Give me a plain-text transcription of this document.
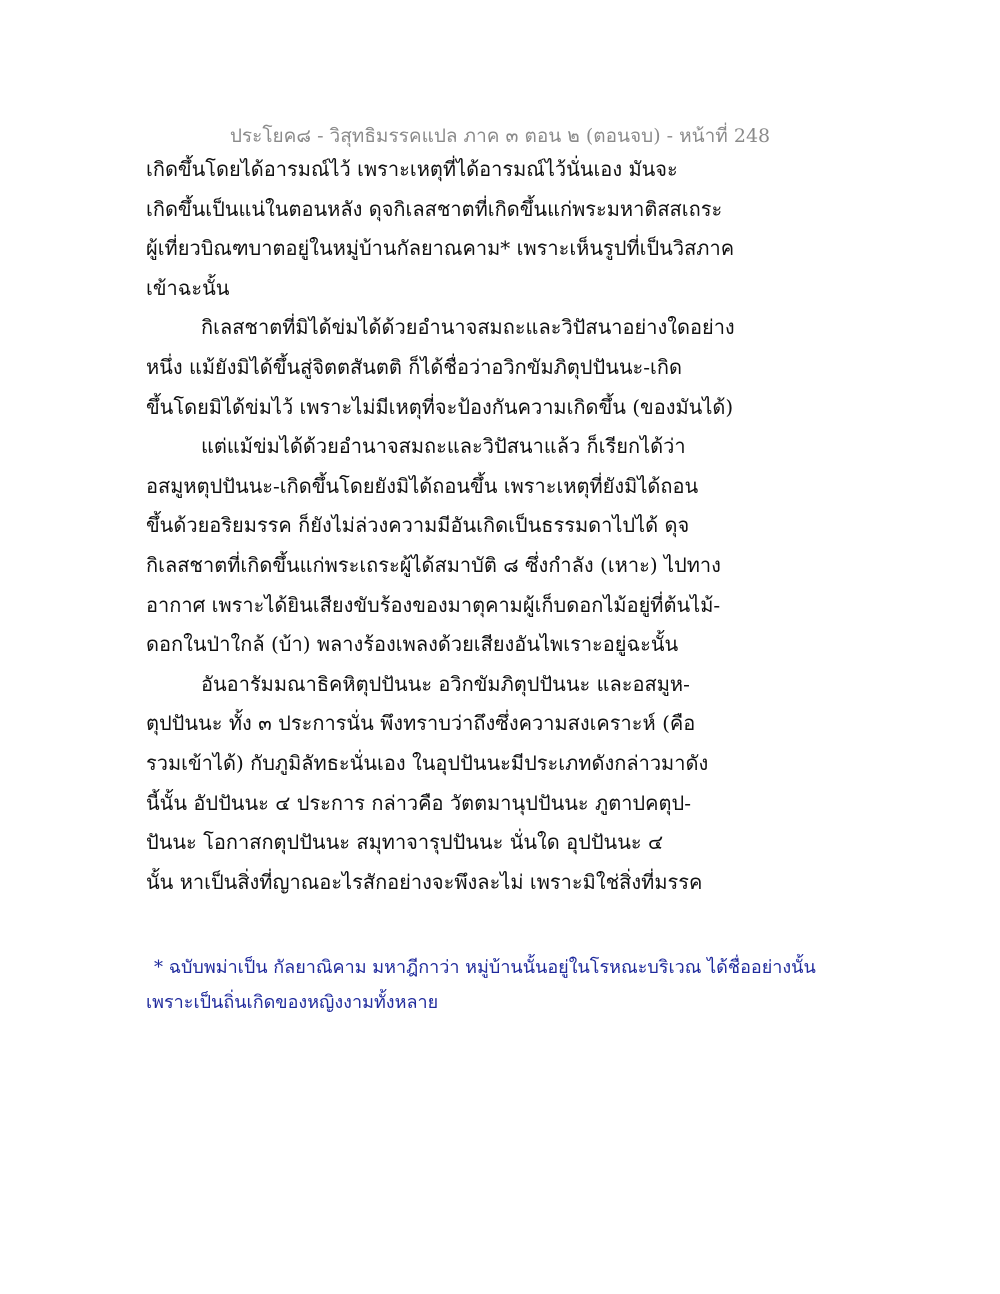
ประโยค๘ - วิสุทธิมรรคแปล ภาค ๓ ตอน ๒ (ตอนจบ) - หน้าที่ 248
เกิดขึ้นโดยได้อารมณ์ไว้ เพราะเหตุที่ได้อารมณ์ไว้นั่นเอง มันจะ
เกิดขึ้นเป็นแน่ในตอนหลัง ดุจกิเลสชาตที่เกิดขึ้นแก่พระมหาติสสเถระ
ผู้เที่ยวบิณฑบาตอยู่ในหมู่บ้านกัลยาณคาม* เพราะเห็นรูปที่เป็นวิสภาค
เข้าฉะนั้น
กิเลสชาตที่มิได้ข่มได้ด้วยอำนาจสมถะและวิปัสนาอย่างใดอย่าง
หนึ่ง แม้ยังมิได้ขึ้นสู่จิตตสันตติ ก็ได้ชื่อว่าอวิกขัมภิตุปปันนะ-เกิด
ขึ้นโดยมิได้ข่มไว้ เพราะไม่มีเหตุที่จะป้องกันความเกิดขึ้น (ของมันได้)
แต่แม้ข่มได้ด้วยอำนาจสมถะและวิปัสนาแล้ว ก็เรียกได้ว่า
อสมูหตุปปันนะ-เกิดขึ้นโดยยังมิได้ถอนขึ้น เพราะเหตุที่ยังมิได้ถอน
ขึ้นด้วยอริยมรรค ก็ยังไม่ล่วงความมีอันเกิดเป็นธรรมดาไปได้ ดุจ
กิเลสชาตที่เกิดขึ้นแก่พระเถระผู้ได้สมาบัติ ๘ ซึ่งกำลัง (เหาะ) ไปทาง
อากาศ เพราะได้ยินเสียงขับร้องของมาตุคามผู้เก็บดอกไม้อยู่ที่ต้นไม้-
ดอกในป่าใกล้ (บ้า) พลางร้องเพลงด้วยเสียงอันไพเราะอยู่ฉะนั้น
อันอารัมมณาธิคหิตุปปันนะ อวิกขัมภิตุปปันนะ และอสมูห-
ตุปปันนะ ทั้ง ๓ ประการนั่น พึงทราบว่าถึงซึ่งความสงเคราะห์ (คือ
รวมเข้าได้) กับภูมิลัทธะนั่นเอง ในอุปปันนะมีประเภทดังกล่าวมาดัง
นี้นั้น อัปปันนะ ๔ ประการ กล่าวคือ วัตตมานุปปันนะ ภูตาปคตุป-
ปันนะ โอกาสกตุปปันนะ สมุทาจารุปปันนะ นั่นใด อุปปันนะ ๔
นั้น หาเป็นสิ่งที่ญาณอะไรสักอย่างจะพึงละไม่ เพราะมิใช่สิ่งที่มรรค
* ฉบับพม่าเป็น กัลยาณิคาม มหาฎีกาว่า หมู่บ้านนั้นอยู่ในโรหณะบริเวณ ได้ชื่ออย่างนั้น
เพราะเป็นถิ่นเกิดของหญิงงามทั้งหลาย
